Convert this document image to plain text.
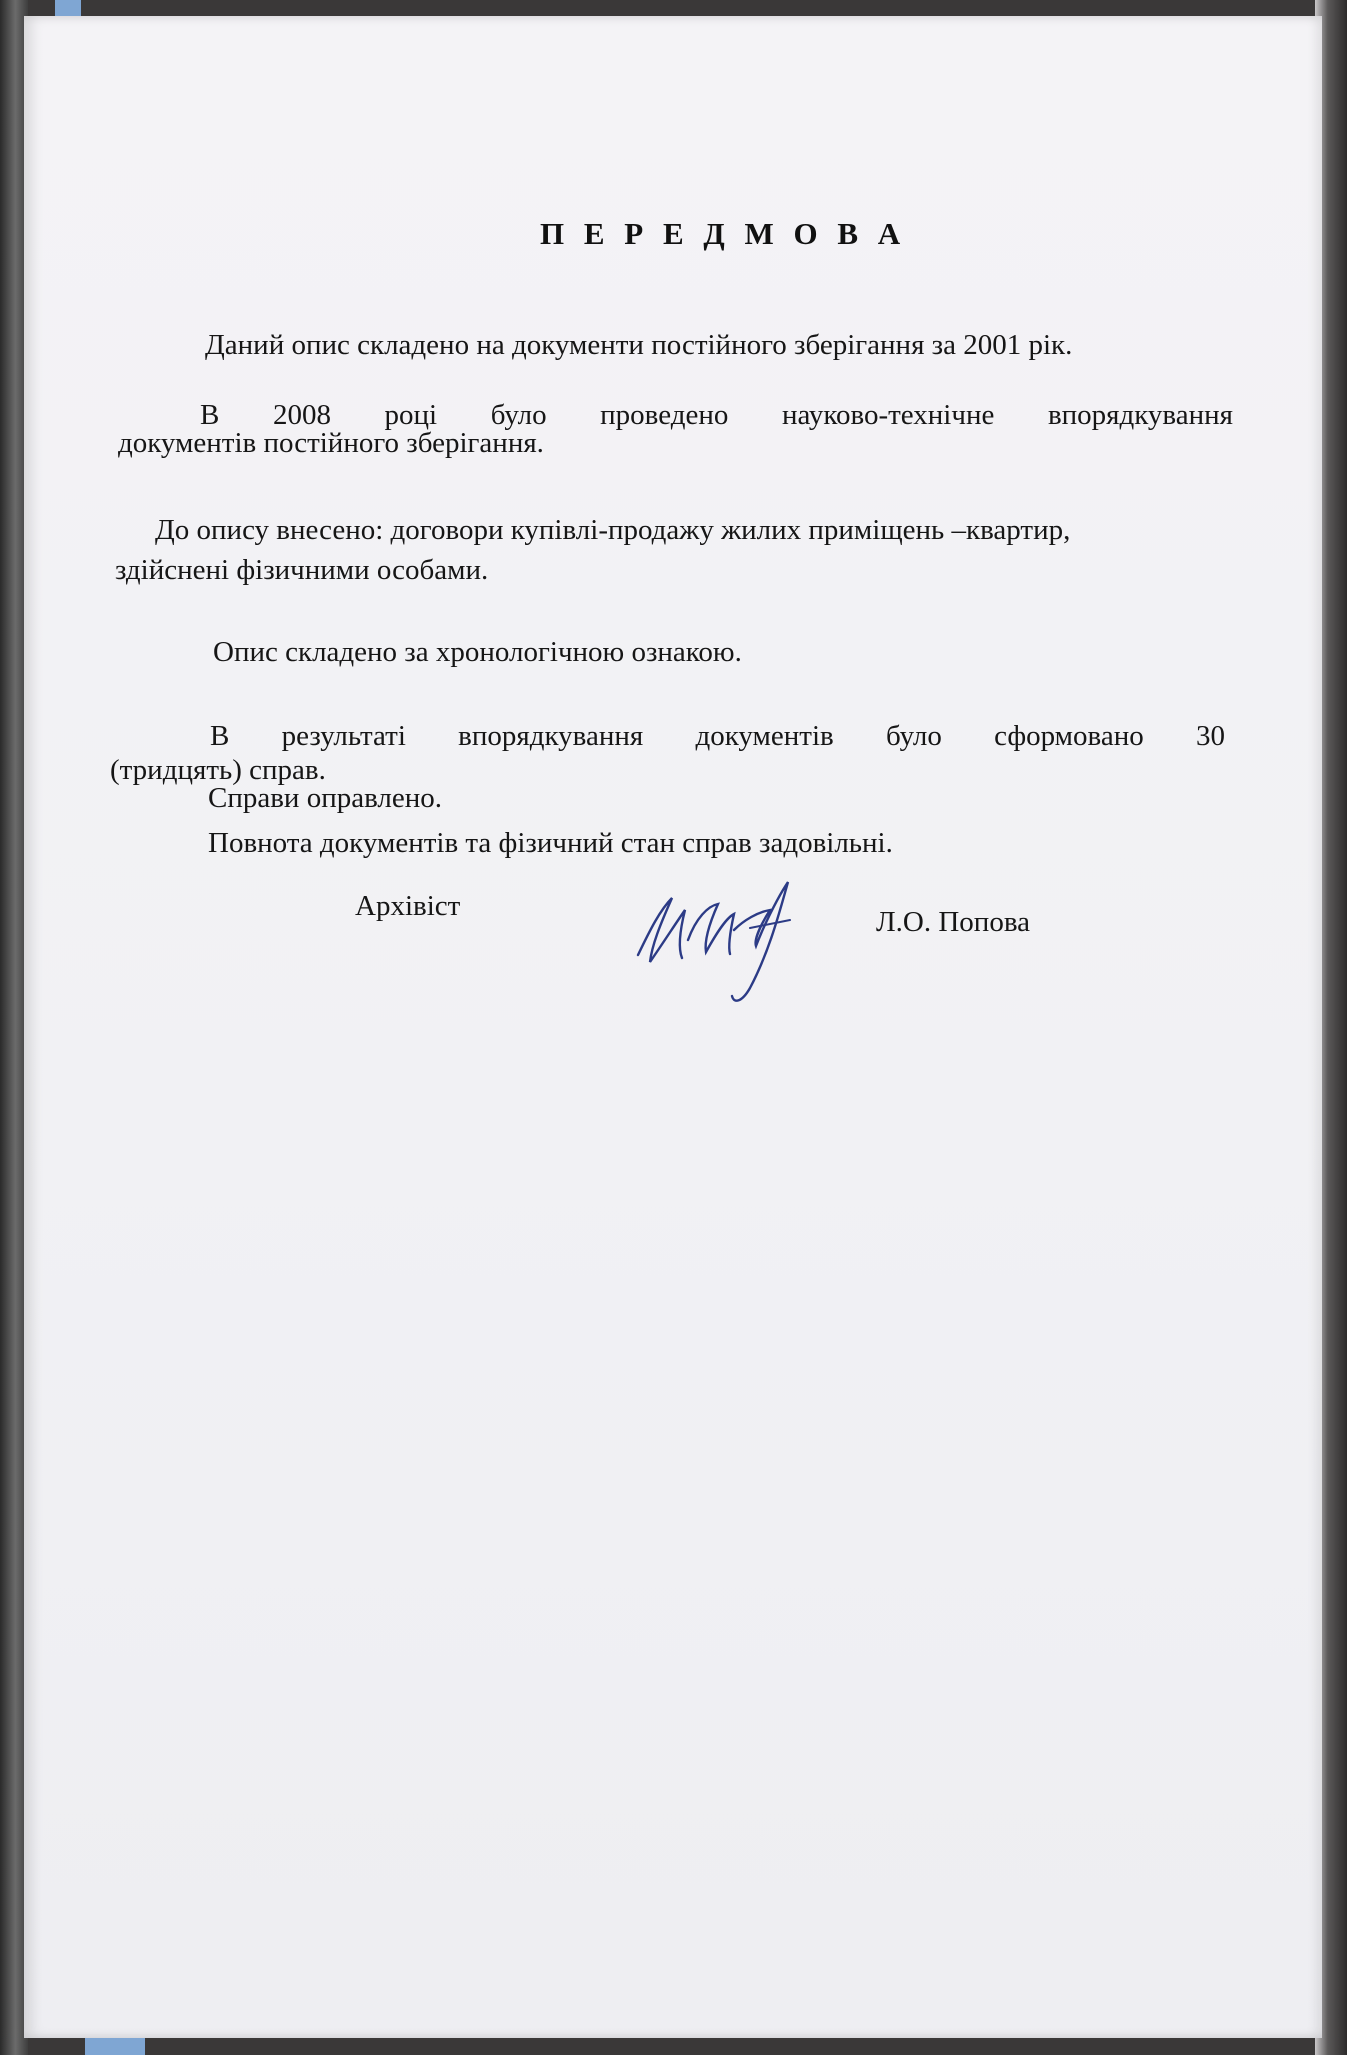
П Е Р Е Д М О В А
Даний опис складено на документи постійного зберігання за 2001 рік.
В 2008 році було проведено науково-технічне впорядкування
документів постійного зберігання.
До опису внесено: договори купівлі-продажу жилих приміщень –квартир,
здійснені фізичними особами.
Опис складено за хронологічною ознакою.
В результаті впорядкування документів було сформовано 30
(тридцять) справ.
Справи оправлено.
Повнота документів та фізичний стан справ задовільні.
Архівіст	Л.О. Попова
